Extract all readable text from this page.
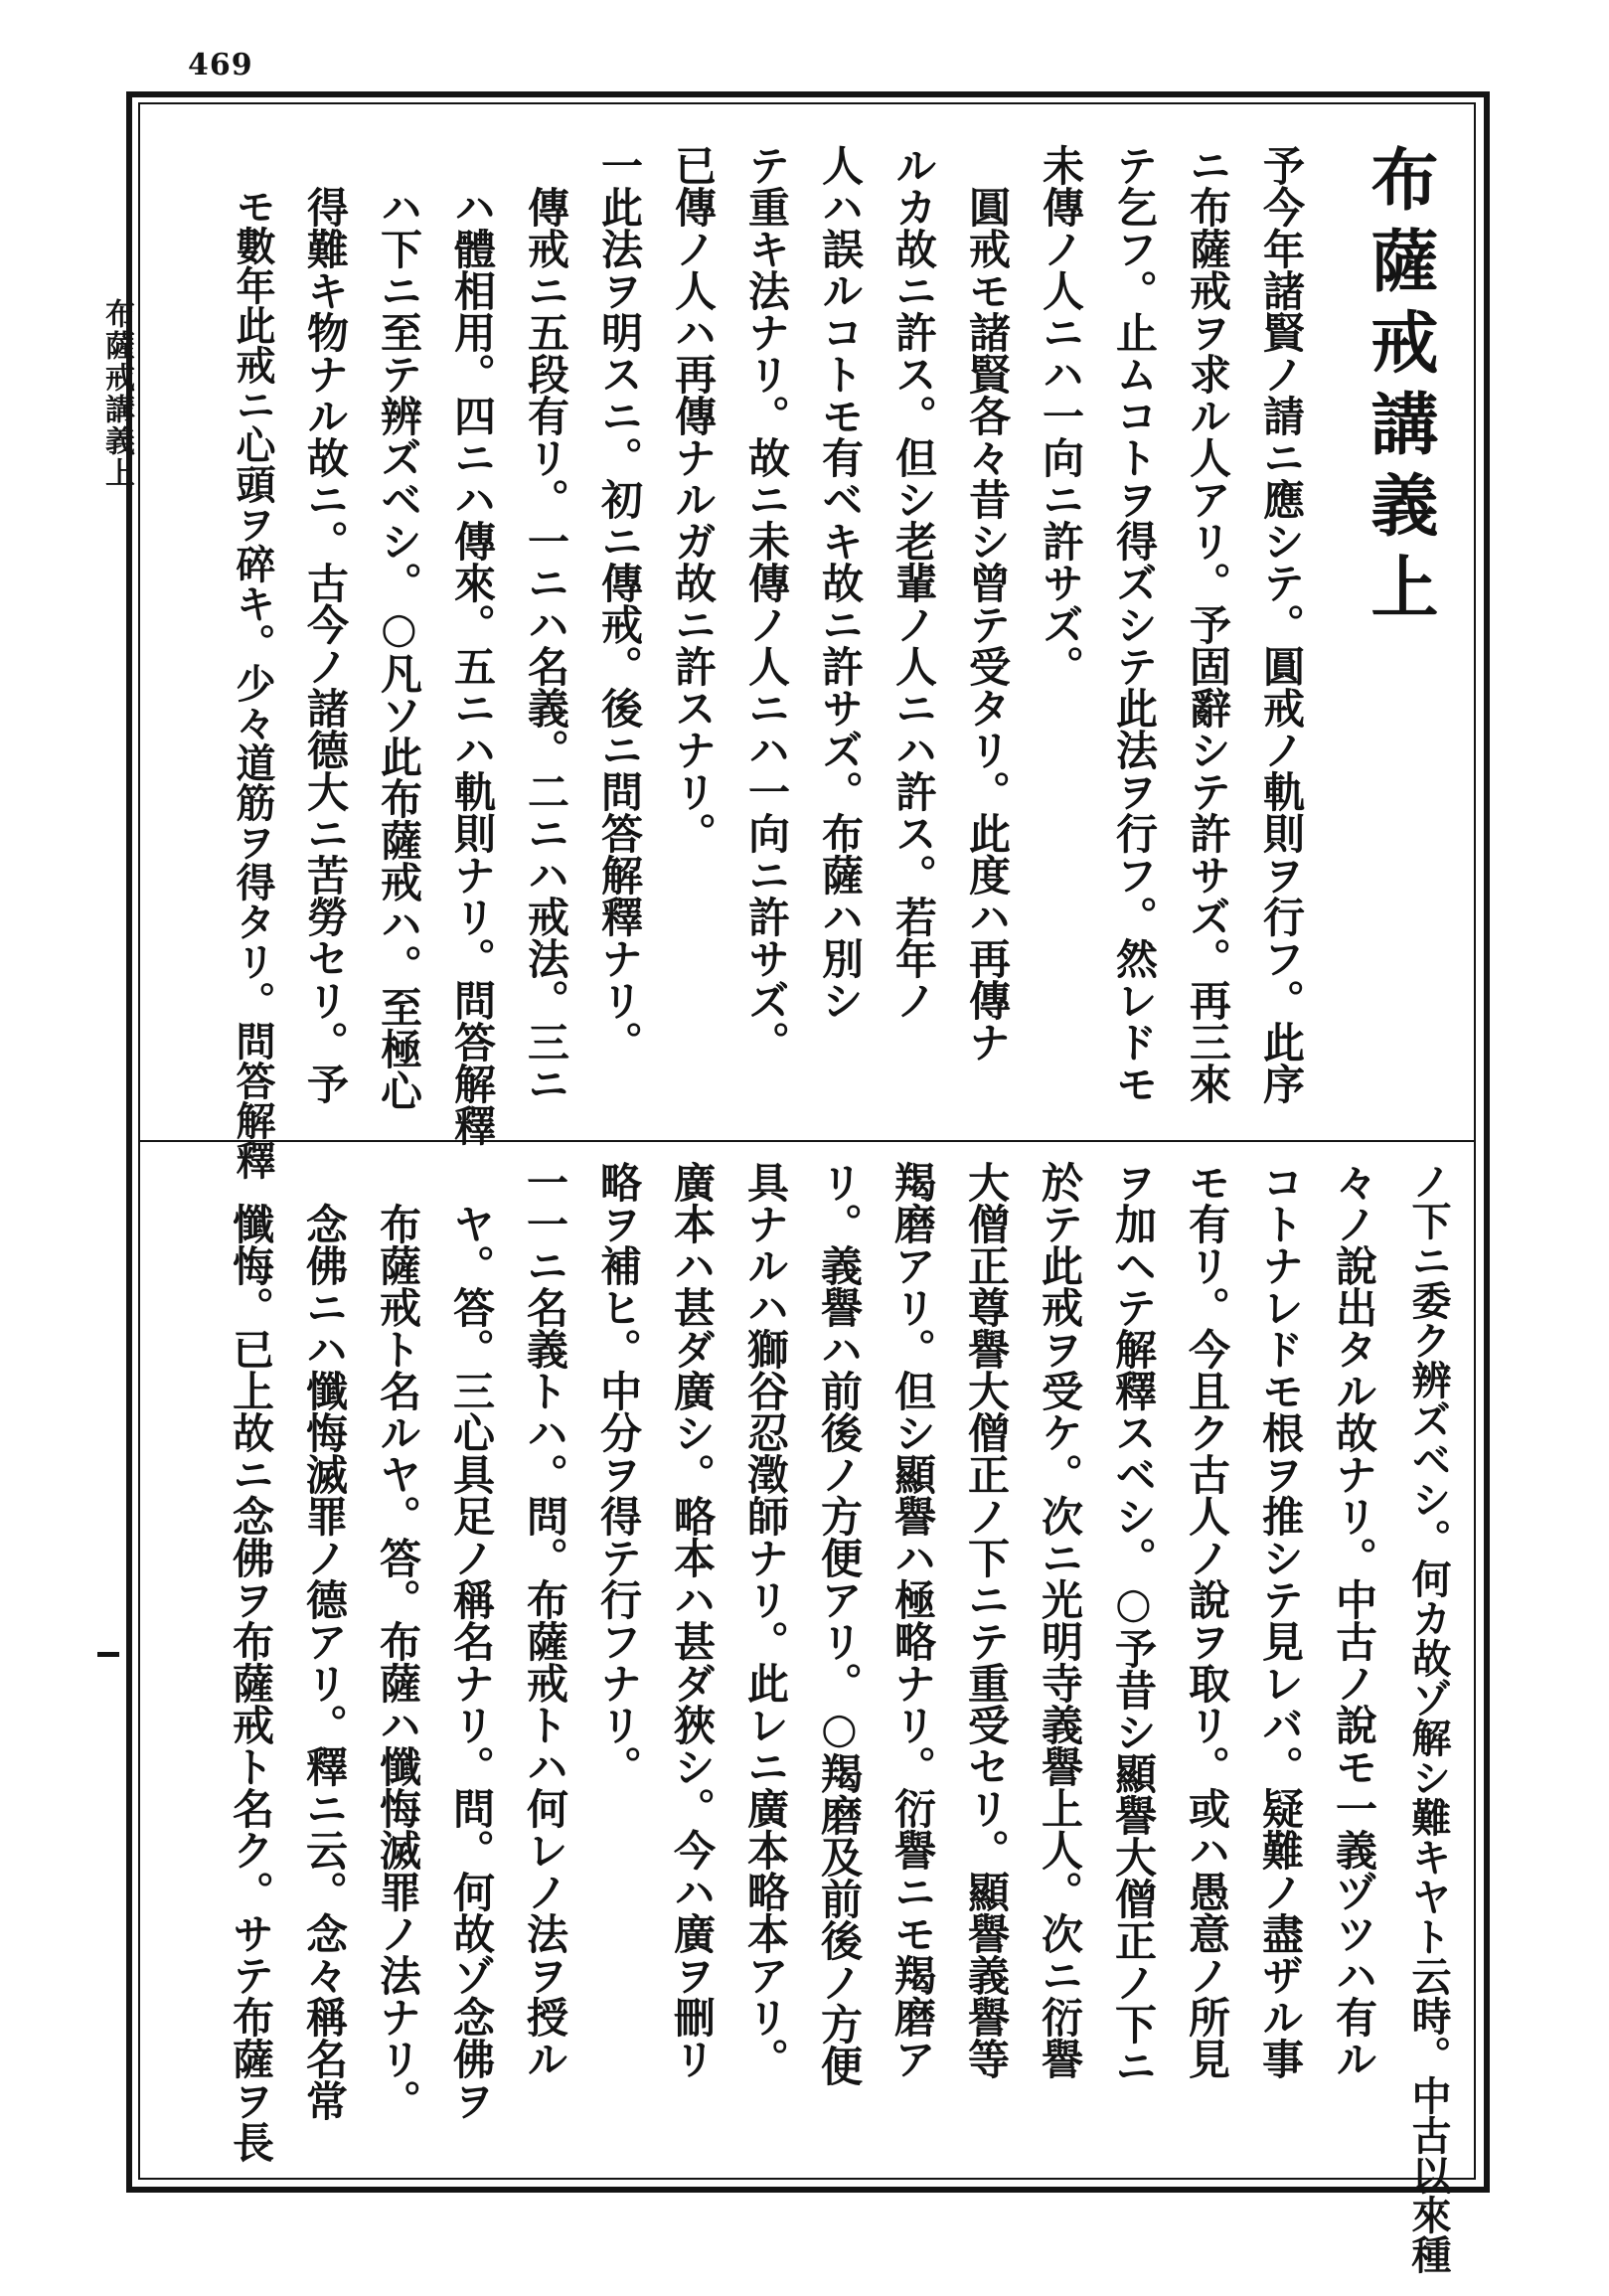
469
布薩戒講義上	布薩戒講義上
予今年諸賢ノ請ニ應シテ。圓戒ノ軌則ヲ行フ。此序
ニ布薩戒ヲ求ル人アリ。予固辭シテ許サズ。再三來
テ乞フ。止ムコトヲ得ズシテ此法ヲ行フ。然レドモ
未傳ノ人ニハ一向ニ許サズ。
圓戒モ諸賢各々昔シ曾テ受タリ。此度ハ再傳ナ
ルカ故ニ許ス。但シ老輩ノ人ニハ許ス。若年ノ
人ハ誤ルコトモ有ベキ故ニ許サズ。布薩ハ別シ
テ重キ法ナリ。故ニ未傳ノ人ニハ一向ニ許サズ。
已傳ノ人ハ再傳ナルガ故ニ許スナリ。
一此法ヲ明スニ。初ニ傳戒。後ニ問答解釋ナリ。
傳戒ニ五段有リ。一ニハ名義。二ニハ戒法。三ニ
ハ體相用。四ニハ傳來。五ニハ軌則ナリ。問答解釋
ハ下ニ至テ辨ズベシ。○凡ソ此布薩戒ハ。至極心
得難キ物ナル故ニ。古今ノ諸德大ニ苦勞セリ。予
モ數年此戒ニ心頭ヲ碎キ。少々道筋ヲ得タリ。問答解釋
ノ下ニ委ク辨ズベシ。何カ故ゾ解シ難キヤト云時。中古以來種
々ノ說出タル故ナリ。中古ノ說モ一義ヅツハ有ル
コトナレドモ根ヲ推シテ見レバ。疑難ノ盡ザル事
モ有リ。今且ク古人ノ說ヲ取リ。或ハ愚意ノ所見
ヲ加ヘテ解釋スベシ。○予昔シ顯譽大僧正ノ下ニ
於テ此戒ヲ受ケ。次ニ光明寺義譽上人。次ニ衍譽
大僧正尊譽大僧正ノ下ニテ重受セリ。顯譽義譽等
羯磨アリ。但シ顯譽ハ極略ナリ。衍譽ニモ羯磨ア
リ。義譽ハ前後ノ方便アリ。○羯磨及前後ノ方便
具ナルハ獅谷忍澂師ナリ。此レニ廣本略本アリ。
廣本ハ甚ダ廣シ。略本ハ甚ダ狹シ。今ハ廣ヲ刪リ
略ヲ補ヒ。中分ヲ得テ行フナリ。
一一ニ名義トハ。問。布薩戒トハ何レノ法ヲ授ル
ヤ。答。三心具足ノ稱名ナリ。問。何故ゾ念佛ヲ
布薩戒ト名ルヤ。答。布薩ハ懺悔滅罪ノ法ナリ。
念佛ニハ懺悔滅罪ノ德アリ。釋ニ云。念々稱名常
懺悔。已上故ニ念佛ヲ布薩戒ト名ク。サテ布薩ヲ長
